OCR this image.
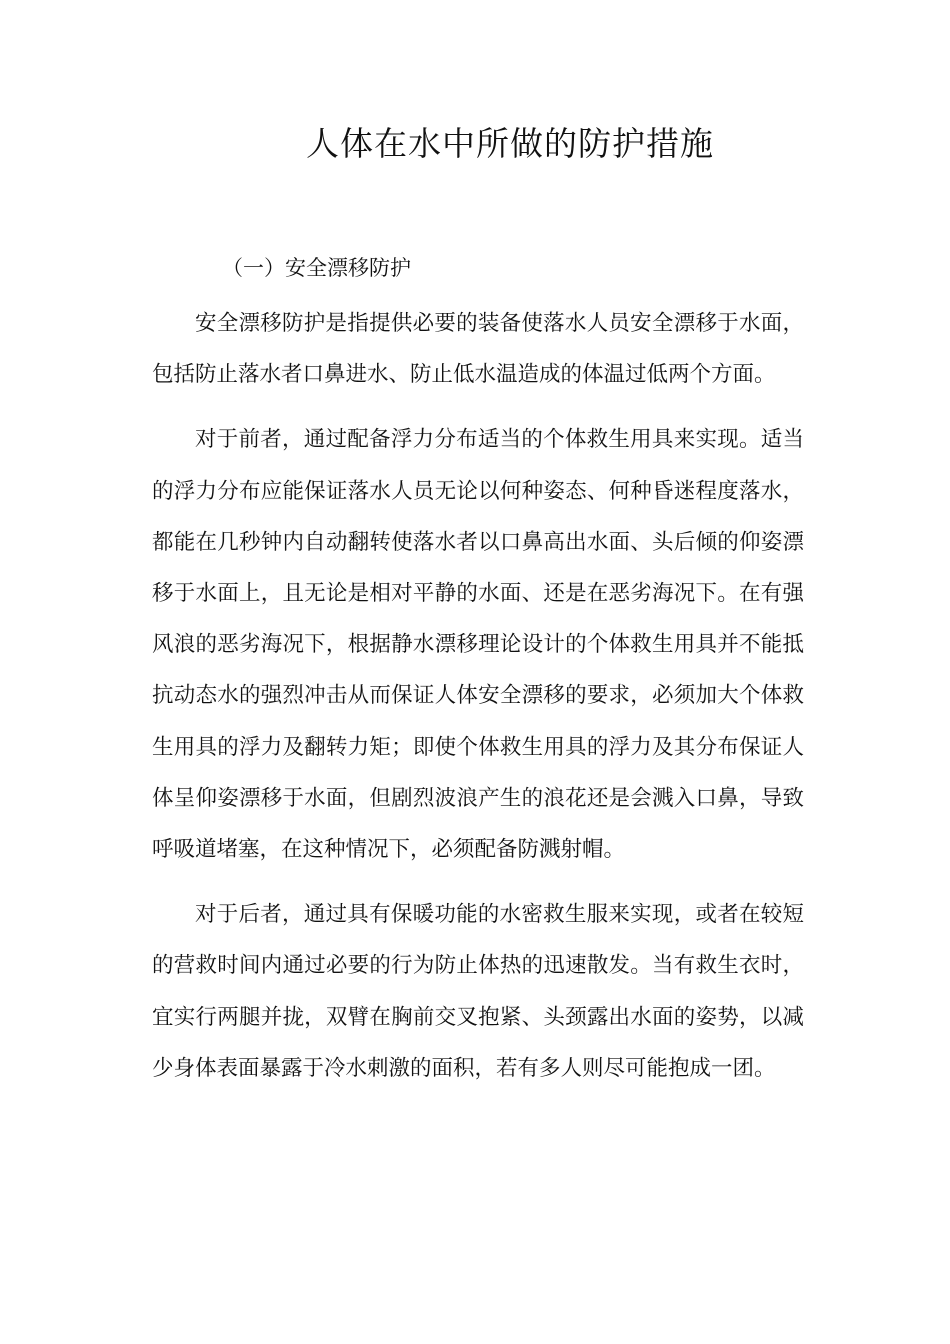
人体在水中所做的防护措施
（一）安全漂移防护

安全漂移防护是指提供必要的装备使落水人员安全漂移于水面，包括防止落水者口鼻进水、防止低水温造成的体温过低两个方面。

对于前者，通过配备浮力分布适当的个体救生用具来实现。适当的浮力分布应能保证落水人员无论以何种姿态、何种昏迷程度落水，都能在几秒钟内自动翻转使落水者以口鼻高出水面、头后倾的仰姿漂移于水面上，且无论是相对平静的水面、还是在恶劣海况下。在有强风浪的恶劣海况下，根据静水漂移理论设计的个体救生用具并不能抵抗动态水的强烈冲击从而保证人体安全漂移的要求，必须加大个体救生用具的浮力及翻转力矩；即使个体救生用具的浮力及其分布保证人体呈仰姿漂移于水面，但剧烈波浪产生的浪花还是会溅入口鼻，导致呼吸道堵塞，在这种情况下，必须配备防溅射帽。

对于后者，通过具有保暖功能的水密救生服来实现，或者在较短的营救时间内通过必要的行为防止体热的迅速散发。当有救生衣时，宜实行两腿并拢，双臂在胸前交叉抱紧、头颈露出水面的姿势，以减少身体表面暴露于冷水刺激的面积，若有多人则尽可能抱成一团。
